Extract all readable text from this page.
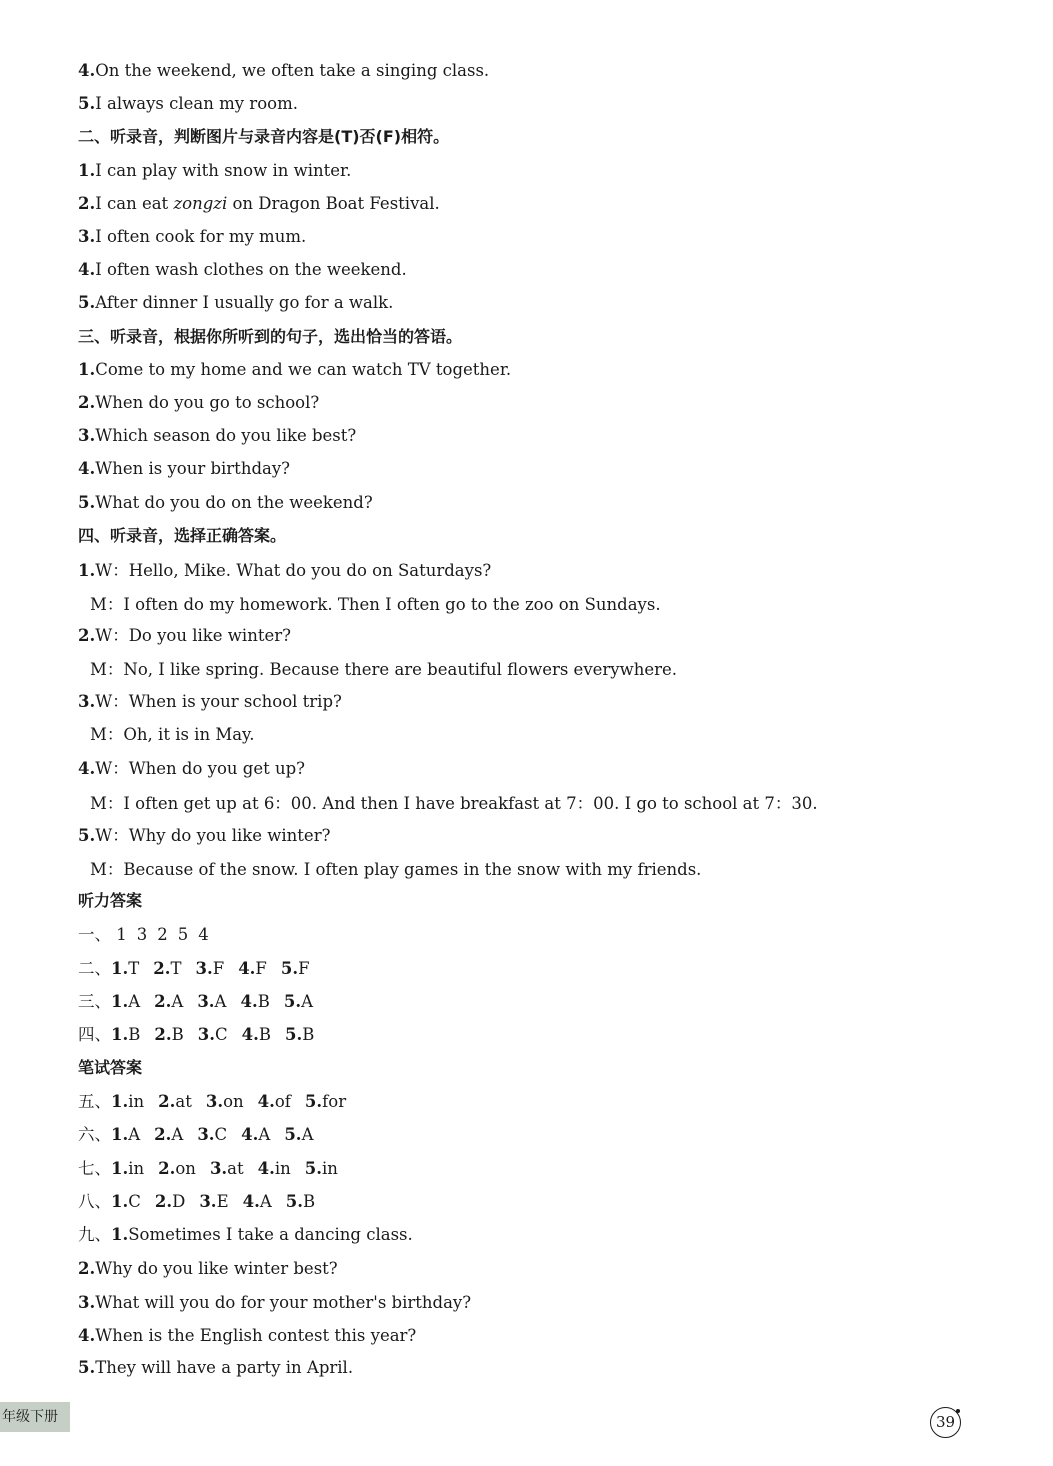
4.On the weekend, we often take a singing class.
5.I always clean my room.
二、听录音，判断图片与录音内容是(T)否(F)相符。
1.I can play with snow in winter.
2.I can eat zongzi on Dragon Boat Festival.
3.I often cook for my mum.
4.I often wash clothes on the weekend.
5.After dinner I usually go for a walk.
三、听录音，根据你所听到的句子，选出恰当的答语。
1.Come to my home and we can watch TV together.
2.When do you go to school?
3.Which season do you like best?
4.When is your birthday?
5.What do you do on the weekend?
四、听录音，选择正确答案。
1.W：Hello, Mike. What do you do on Saturdays?
M：I often do my homework. Then I often go to the zoo on Sundays.
2.W：Do you like winter?
M：No, I like spring. Because there are beautiful flowers everywhere.
3.W：When is your school trip?
M：Oh, it is in May.
4.W：When do you get up?
M：I often get up at 6：00. And then I have breakfast at 7：00. I go to school at 7：30.
5.W：Why do you like winter?
M：Because of the snow. I often play games in the snow with my friends.
听力答案
一、 1 3 2 5 4
二、1.T 2.T 3.F 4.F 5.F
三、1.A 2.A 3.A 4.B 5.A
四、1.B 2.B 3.C 4.B 5.B
笔试答案
五、1.in 2.at 3.on 4.of 5.for
六、1.A 2.A 3.C 4.A 5.A
七、1.in 2.on 3.at 4.in 5.in
八、1.C 2.D 3.E 4.A 5.B
九、1.Sometimes I take a dancing class.
2.Why do you like winter best?
3.What will you do for your mother's birthday?
4.When is the English contest this year?
5.They will have a party in April.
年级下册	39
